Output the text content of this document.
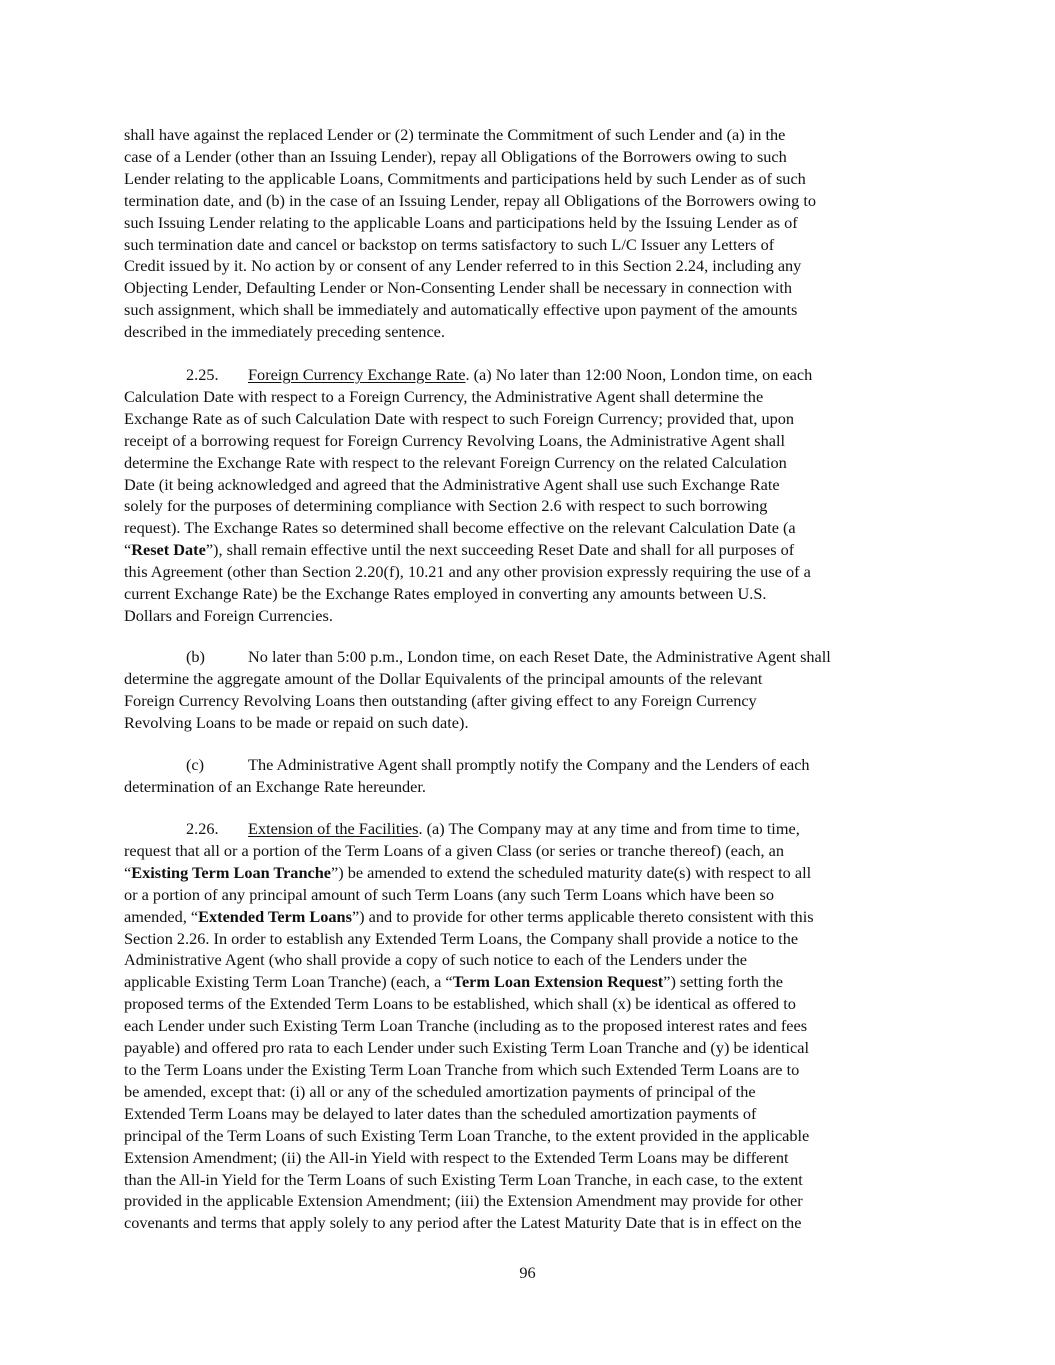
shall have against the replaced Lender or (2) terminate the Commitment of such Lender and (a) in the
case of a Lender (other than an Issuing Lender), repay all Obligations of the Borrowers owing to such
Lender relating to the applicable Loans, Commitments and participations held by such Lender as of such
termination date, and (b) in the case of an Issuing Lender, repay all Obligations of the Borrowers owing to
such Issuing Lender relating to the applicable Loans and participations held by the Issuing Lender as of
such termination date and cancel or backstop on terms satisfactory to such L/C Issuer any Letters of
Credit issued by it. No action by or consent of any Lender referred to in this Section 2.24, including any
Objecting Lender, Defaulting Lender or Non-Consenting Lender shall be necessary in connection with
such assignment, which shall be immediately and automatically effective upon payment of the amounts
described in the immediately preceding sentence.
2.25. Foreign Currency Exchange Rate. (a) No later than 12:00 Noon, London time, on each
Calculation Date with respect to a Foreign Currency, the Administrative Agent shall determine the
Exchange Rate as of such Calculation Date with respect to such Foreign Currency; provided that, upon
receipt of a borrowing request for Foreign Currency Revolving Loans, the Administrative Agent shall
determine the Exchange Rate with respect to the relevant Foreign Currency on the related Calculation
Date (it being acknowledged and agreed that the Administrative Agent shall use such Exchange Rate
solely for the purposes of determining compliance with Section 2.6 with respect to such borrowing
request). The Exchange Rates so determined shall become effective on the relevant Calculation Date (a
“Reset Date”), shall remain effective until the next succeeding Reset Date and shall for all purposes of
this Agreement (other than Section 2.20(f), 10.21 and any other provision expressly requiring the use of a
current Exchange Rate) be the Exchange Rates employed in converting any amounts between U.S.
Dollars and Foreign Currencies.
(b)	No later than 5:00 p.m., London time, on each Reset Date, the Administrative Agent shall
determine the aggregate amount of the Dollar Equivalents of the principal amounts of the relevant
Foreign Currency Revolving Loans then outstanding (after giving effect to any Foreign Currency
Revolving Loans to be made or repaid on such date).
(c)	The Administrative Agent shall promptly notify the Company and the Lenders of each
determination of an Exchange Rate hereunder.
2.26. Extension of the Facilities. (a) The Company may at any time and from time to time,
request that all or a portion of the Term Loans of a given Class (or series or tranche thereof) (each, an
“Existing Term Loan Tranche”) be amended to extend the scheduled maturity date(s) with respect to all
or a portion of any principal amount of such Term Loans (any such Term Loans which have been so
amended, “Extended Term Loans”) and to provide for other terms applicable thereto consistent with this
Section 2.26. In order to establish any Extended Term Loans, the Company shall provide a notice to the
Administrative Agent (who shall provide a copy of such notice to each of the Lenders under the
applicable Existing Term Loan Tranche) (each, a “Term Loan Extension Request”) setting forth the
proposed terms of the Extended Term Loans to be established, which shall (x) be identical as offered to
each Lender under such Existing Term Loan Tranche (including as to the proposed interest rates and fees
payable) and offered pro rata to each Lender under such Existing Term Loan Tranche and (y) be identical
to the Term Loans under the Existing Term Loan Tranche from which such Extended Term Loans are to
be amended, except that: (i) all or any of the scheduled amortization payments of principal of the
Extended Term Loans may be delayed to later dates than the scheduled amortization payments of
principal of the Term Loans of such Existing Term Loan Tranche, to the extent provided in the applicable
Extension Amendment; (ii) the All-in Yield with respect to the Extended Term Loans may be different
than the All-in Yield for the Term Loans of such Existing Term Loan Tranche, in each case, to the extent
provided in the applicable Extension Amendment; (iii) the Extension Amendment may provide for other
covenants and terms that apply solely to any period after the Latest Maturity Date that is in effect on the
96
